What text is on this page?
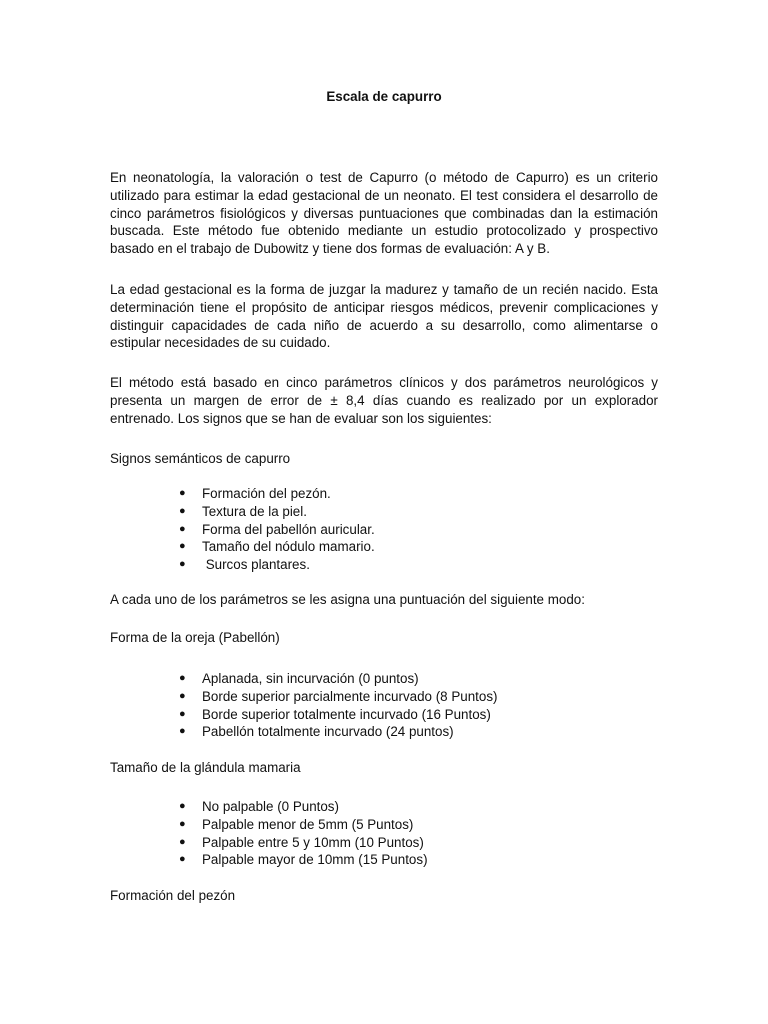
Escala de capurro

En neonatología, la valoración o test de Capurro (o método de Capurro) es un criterio utilizado para estimar la edad gestacional de un neonato. El test considera el desarrollo de cinco parámetros fisiológicos y diversas puntuaciones que combinadas dan la estimación buscada. Este método fue obtenido mediante un estudio protocolizado y prospectivo basado en el trabajo de Dubowitz y tiene dos formas de evaluación: A y B.

La edad gestacional es la forma de juzgar la madurez y tamaño de un recién nacido. Esta determinación tiene el propósito de anticipar riesgos médicos, prevenir complicaciones y distinguir capacidades de cada niño de acuerdo a su desarrollo, como alimentarse o estipular necesidades de su cuidado.

El método está basado en cinco parámetros clínicos y dos parámetros neurológicos y presenta un margen de error de ± 8,4 días cuando es realizado por un explorador entrenado. Los signos que se han de evaluar son los siguientes:

Signos semánticos de capurro

● Formación del pezón.
● Textura de la piel.
● Forma del pabellón auricular.
● Tamaño del nódulo mamario.
● Surcos plantares.

A cada uno de los parámetros se les asigna una puntuación del siguiente modo:

Forma de la oreja (Pabellón)

● Aplanada, sin incurvación (0 puntos)
● Borde superior parcialmente incurvado (8 Puntos)
● Borde superior totalmente incurvado (16 Puntos)
● Pabellón totalmente incurvado (24 puntos)

Tamaño de la glándula mamaria

● No palpable (0 Puntos)
● Palpable menor de 5mm (5 Puntos)
● Palpable entre 5 y 10mm (10 Puntos)
● Palpable mayor de 10mm (15 Puntos)

Formación del pezón
